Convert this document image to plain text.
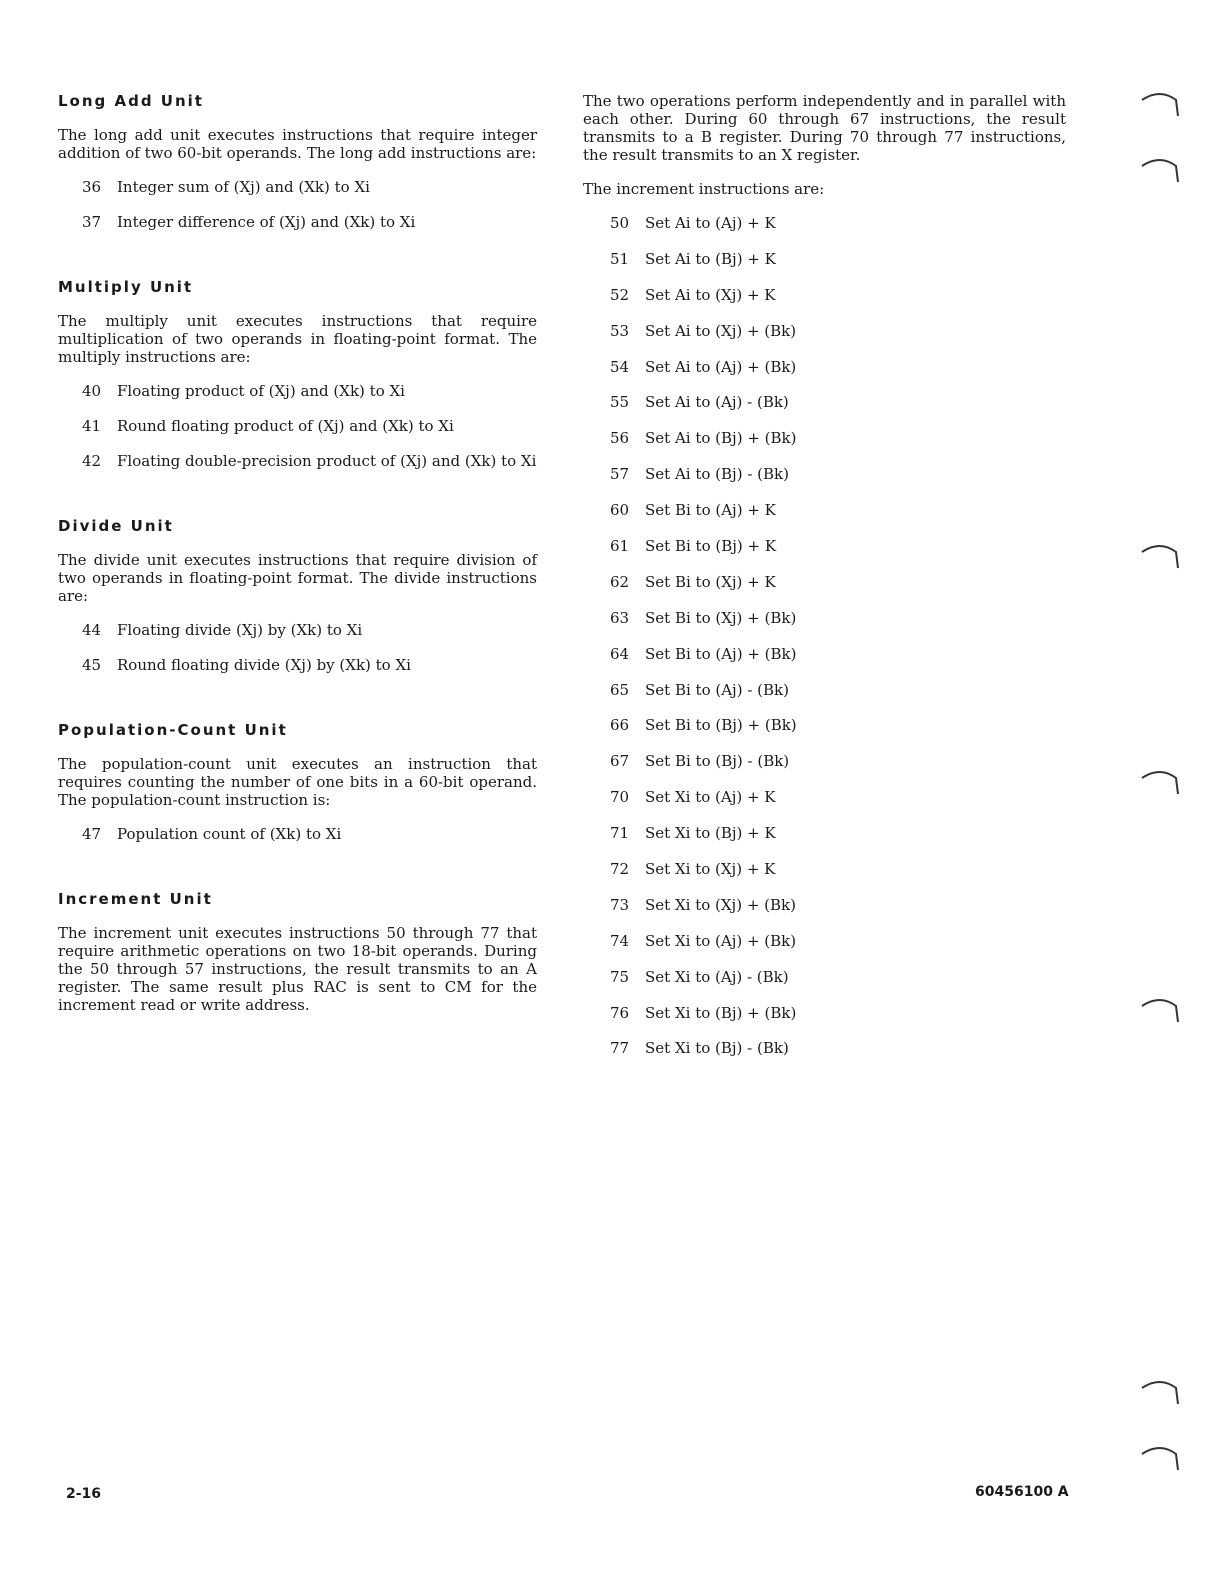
Long Add Unit

The long add unit executes instructions that require integer addition of two 60-bit operands. The long add instructions are:

36	Integer sum of (Xj) and (Xk) to Xi
37	Integer difference of (Xj) and (Xk) to Xi
Multiply Unit

The multiply unit executes instructions that require multiplication of two operands in floating-point format. The multiply instructions are:

40	Floating product of (Xj) and (Xk) to Xi
41	Round floating product of (Xj) and (Xk) to Xi
42	Floating double-precision product of (Xj) and (Xk) to Xi
Divide Unit

The divide unit executes instructions that require division of two operands in floating-point format. The divide instructions are:

44	Floating divide (Xj) by (Xk) to Xi
45	Round floating divide (Xj) by (Xk) to Xi
Population-Count Unit

The population-count unit executes an instruction that requires counting the number of one bits in a 60-bit operand. The population-count instruction is:

47	Population count of (Xk) to Xi
Increment Unit

The increment unit executes instructions 50 through 77 that require arithmetic operations on two 18-bit operands. During the 50 through 57 instructions, the result transmits to an A register. The same result plus RAC is sent to CM for the increment read or write address.

The two operations perform independently and in parallel with each other. During 60 through 67 instructions, the result transmits to a B register. During 70 through 77 instructions, the result transmits to an X register.

The increment instructions are:

50	Set Ai to (Aj) + K
51	Set Ai to (Bj) + K
52	Set Ai to (Xj) + K
53	Set Ai to (Xj) + (Bk)
54	Set Ai to (Aj) + (Bk)
55	Set Ai to (Aj) - (Bk)
56	Set Ai to (Bj) + (Bk)
57	Set Ai to (Bj) - (Bk)
60	Set Bi to (Aj) + K
61	Set Bi to (Bj) + K
62	Set Bi to (Xj) + K
63	Set Bi to (Xj) + (Bk)
64	Set Bi to (Aj) + (Bk)
65	Set Bi to (Aj) - (Bk)
66	Set Bi to (Bj) + (Bk)
67	Set Bi to (Bj) - (Bk)
70	Set Xi to (Aj) + K
71	Set Xi to (Bj) + K
72	Set Xi to (Xj) + K
73	Set Xi to (Xj) + (Bk)
74	Set Xi to (Aj) + (Bk)
75	Set Xi to (Aj) - (Bk)
76	Set Xi to (Bj) + (Bk)
77	Set Xi to (Bj) - (Bk)
2-16	60456100 A
